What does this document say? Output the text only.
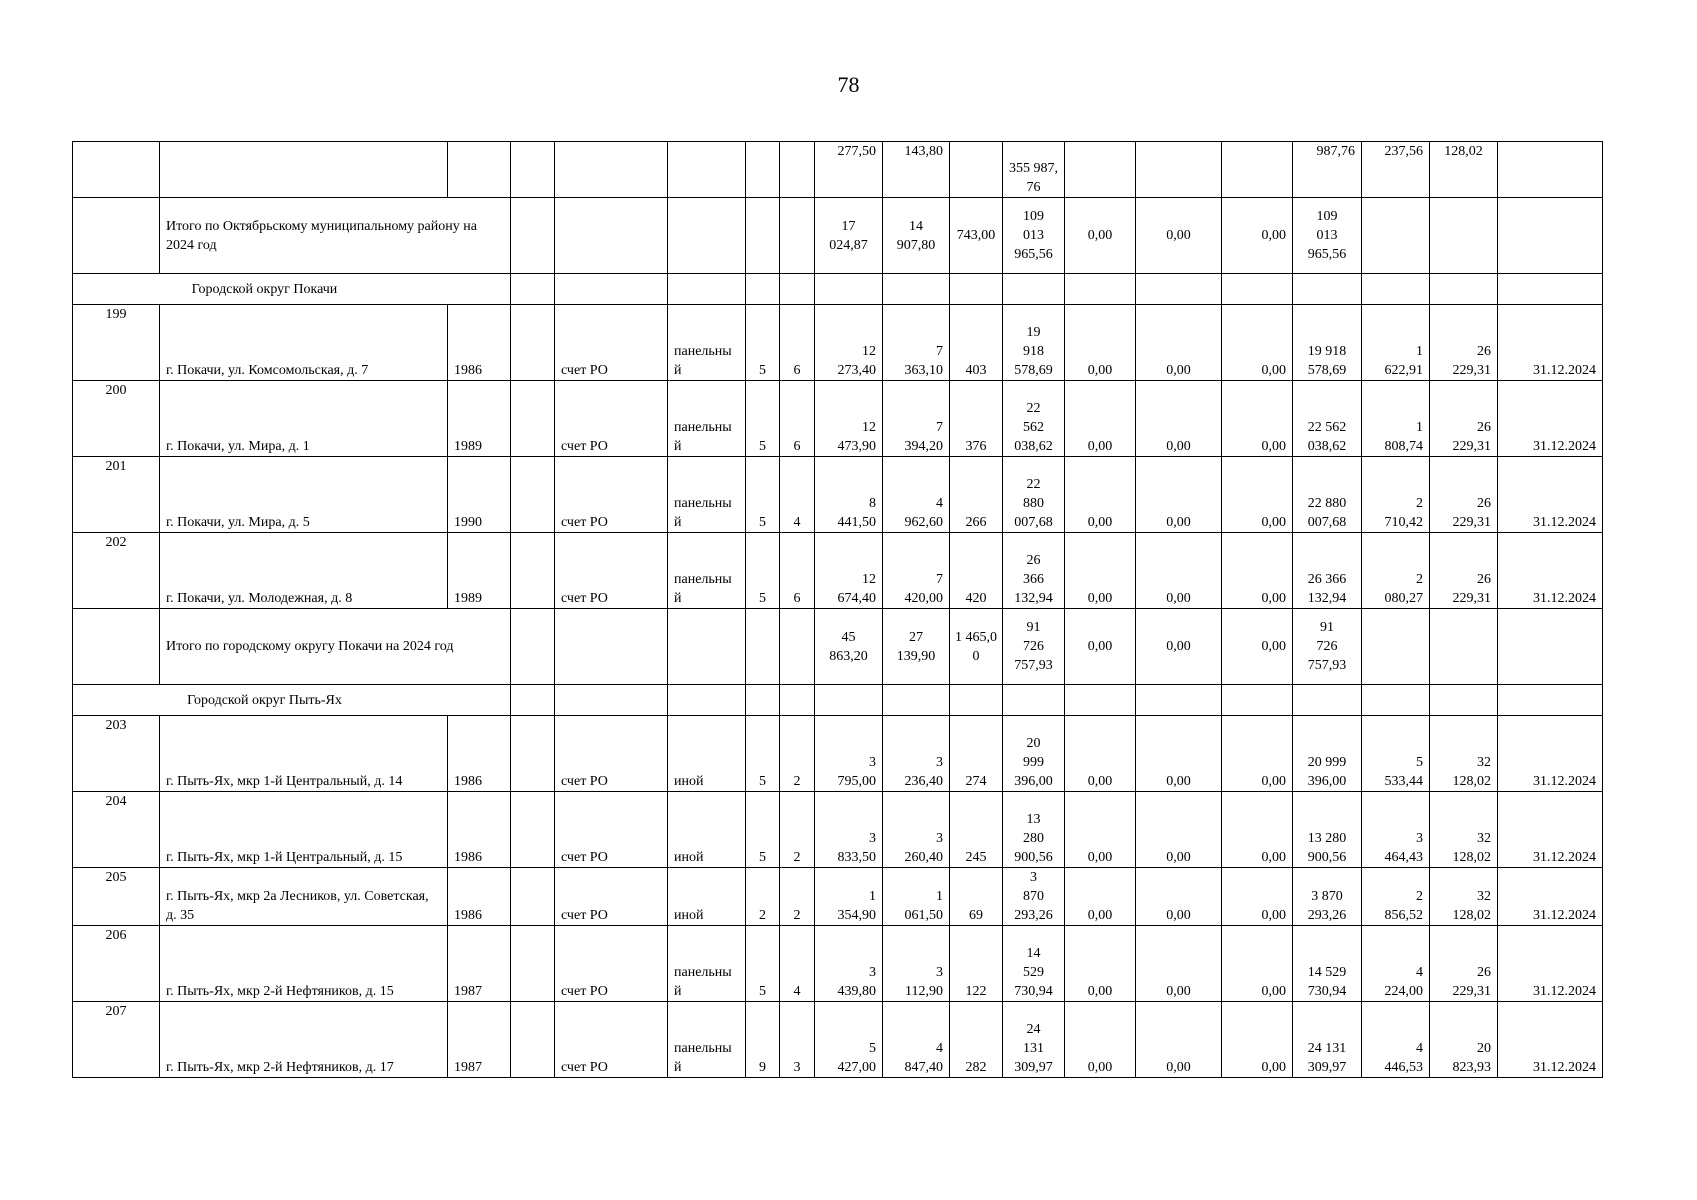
78
								277,50	143,80		355 987,76				987,76	237,56	128,02	
	Итого по Октябрьскому муниципальному району на 2024 год							17 024,87	14 907,80	743,00	109 013 965,56	0,00	0,00	0,00	109 013 965,56			
Городской округ Покачи																		
199	г. Покачи, ул. Комсомольская, д. 7	1986		счет РО	панельный	5	6	12 273,40	7 363,10	403	19 918 578,69	0,00	0,00	0,00	19 918 578,69	1 622,91	26 229,31	31.12.2024
200	г. Покачи, ул. Мира, д. 1	1989		счет РО	панельный	5	6	12 473,90	7 394,20	376	22 562 038,62	0,00	0,00	0,00	22 562 038,62	1 808,74	26 229,31	31.12.2024
201	г. Покачи, ул. Мира, д. 5	1990		счет РО	панельный	5	4	8 441,50	4 962,60	266	22 880 007,68	0,00	0,00	0,00	22 880 007,68	2 710,42	26 229,31	31.12.2024
202	г. Покачи, ул. Молодежная, д. 8	1989		счет РО	панельный	5	6	12 674,40	7 420,00	420	26 366 132,94	0,00	0,00	0,00	26 366 132,94	2 080,27	26 229,31	31.12.2024
	Итого по городскому округу Покачи на 2024 год							45 863,20	27 139,90	1 465,00	91 726 757,93	0,00	0,00	0,00	91 726 757,93			
Городской округ Пыть-Ях																		
203	г. Пыть-Ях, мкр 1-й Центральный, д. 14	1986		счет РО	иной	5	2	3 795,00	3 236,40	274	20 999 396,00	0,00	0,00	0,00	20 999 396,00	5 533,44	32 128,02	31.12.2024
204	г. Пыть-Ях, мкр 1-й Центральный, д. 15	1986		счет РО	иной	5	2	3 833,50	3 260,40	245	13 280 900,56	0,00	0,00	0,00	13 280 900,56	3 464,43	32 128,02	31.12.2024
205	г. Пыть-Ях, мкр 2а Лесников, ул. Советская, д. 35	1986		счет РО	иной	2	2	1 354,90	1 061,50	69	3 870 293,26	0,00	0,00	0,00	3 870 293,26	2 856,52	32 128,02	31.12.2024
206	г. Пыть-Ях, мкр 2-й Нефтяников, д. 15	1987		счет РО	панельный	5	4	3 439,80	3 112,90	122	14 529 730,94	0,00	0,00	0,00	14 529 730,94	4 224,00	26 229,31	31.12.2024
207	г. Пыть-Ях, мкр 2-й Нефтяников, д. 17	1987		счет РО	панельный	9	3	5 427,00	4 847,40	282	24 131 309,97	0,00	0,00	0,00	24 131 309,97	4 446,53	20 823,93	31.12.2024
